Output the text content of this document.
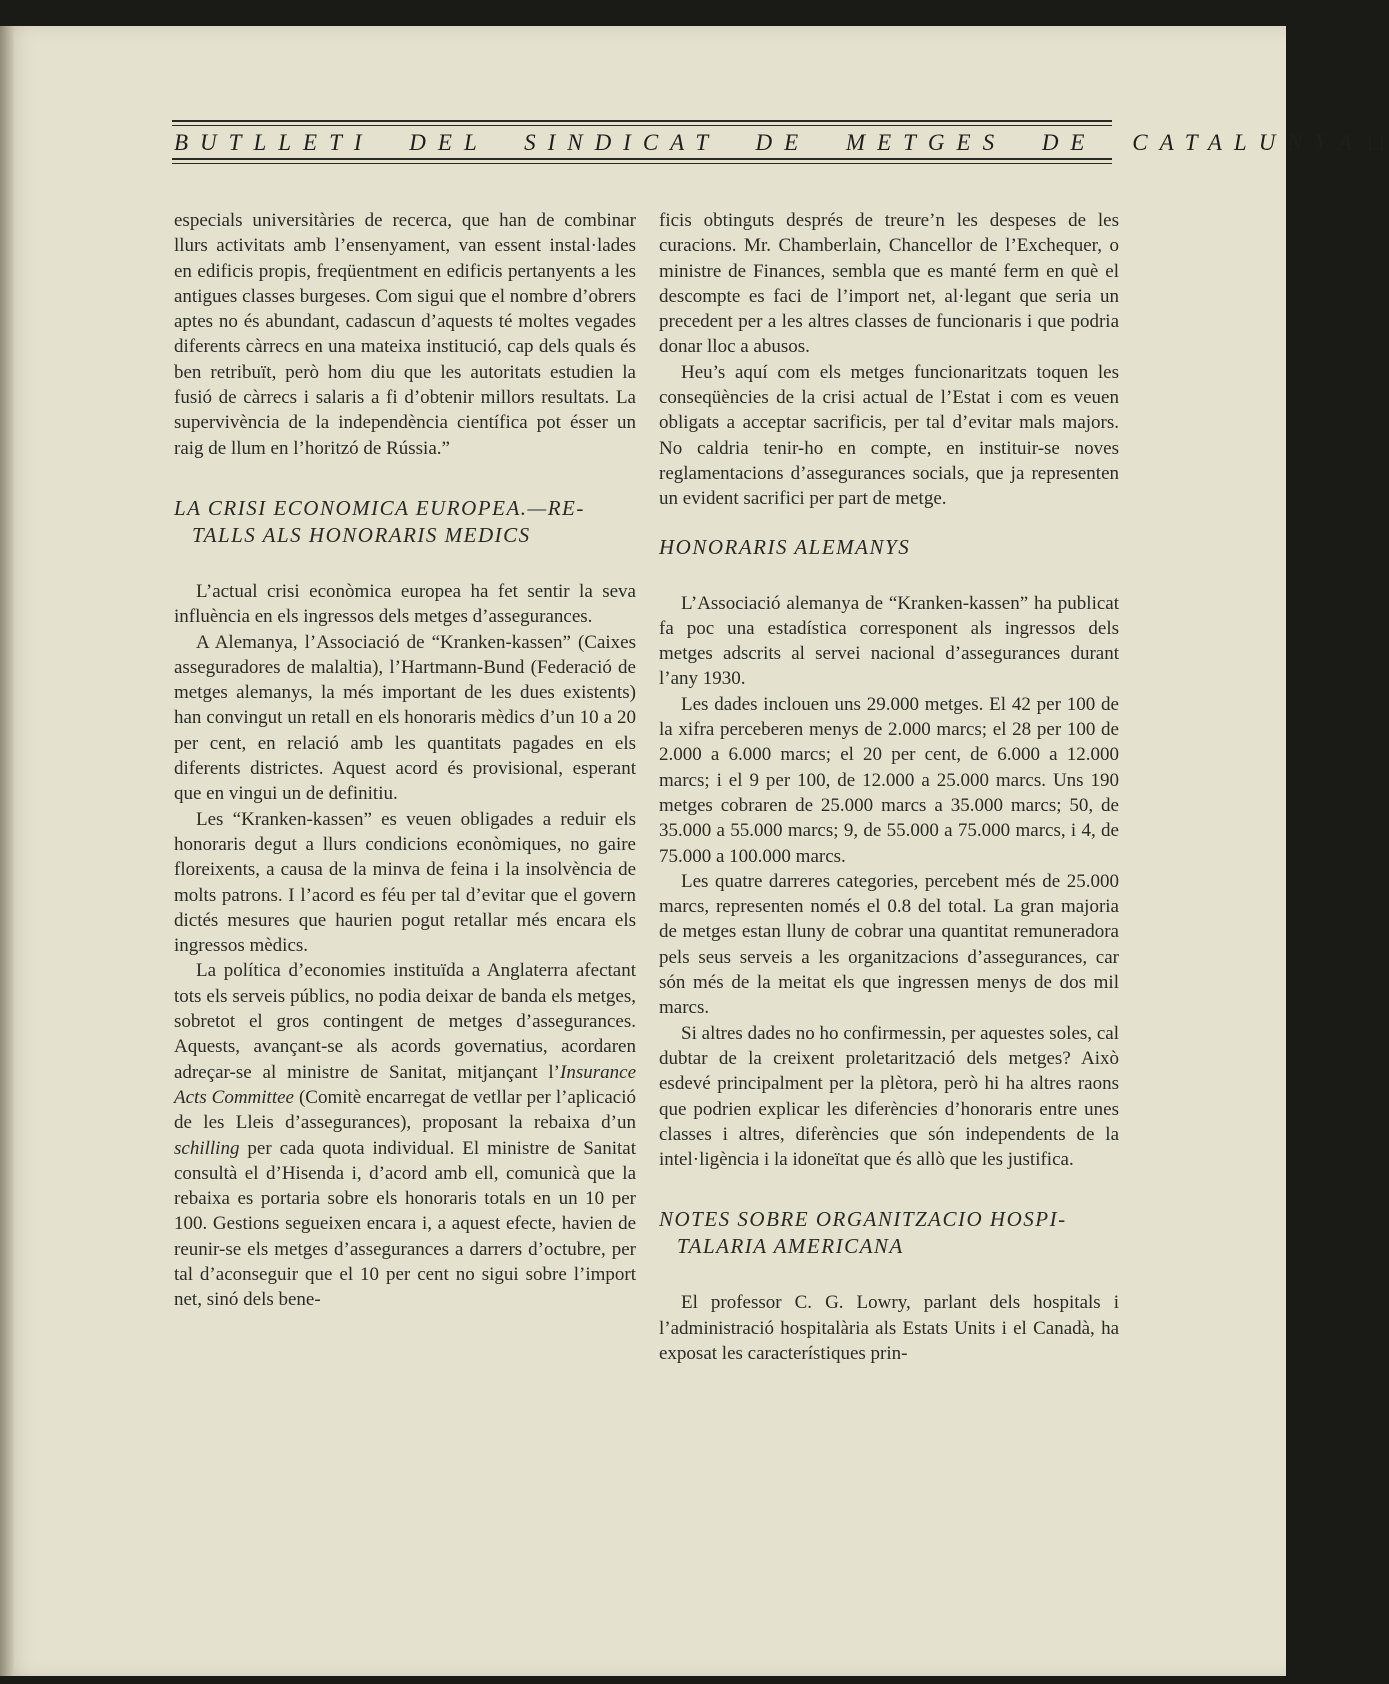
BUTLLETI DEL SINDICAT DE METGES DE CATALUNYA 11

especials universitàries de recerca, que han de combinar llurs activitats amb l’ensenyament, van essent instal·lades en edificis propis, freqüentment en edificis pertanyents a les antigues classes burgeses. Com sigui que el nombre d’obrers aptes no és abundant, cadascun d’aquests té moltes vegades diferents càrrecs en una mateixa institució, cap dels quals és ben retribuït, però hom diu que les autoritats estudien la fusió de càrrecs i salaris a fi d’obtenir millors resultats. La supervivència de la independència científica pot ésser un raig de llum en l’horitzó de Rússia.”

LA CRISI ECONOMICA EUROPEA.—RE-
TALLS ALS HONORARIS MEDICS

L’actual crisi econòmica europea ha fet sentir la seva influència en els ingressos dels metges d’assegurances.

A Alemanya, l’Associació de “Kranken-kassen” (Caixes asseguradores de malaltia), l’Hartmann-Bund (Federació de metges alemanys, la més important de les dues existents) han convingut un retall en els honoraris mèdics d’un 10 a 20 per cent, en relació amb les quantitats pagades en els diferents districtes. Aquest acord és provisional, esperant que en vingui un de definitiu.

Les “Kranken-kassen” es veuen obligades a reduir els honoraris degut a llurs condicions econòmiques, no gaire floreixents, a causa de la minva de feina i la insolvència de molts patrons. I l’acord es féu per tal d’evitar que el govern dictés mesures que haurien pogut retallar més encara els ingressos mèdics.

La política d’economies instituïda a Anglaterra afectant tots els serveis públics, no podia deixar de banda els metges, sobretot el gros contingent de metges d’assegurances. Aquests, avançant-se als acords governatius, acordaren adreçar-se al ministre de Sanitat, mitjançant l’Insurance Acts Committee (Comitè encarregat de vetllar per l’aplicació de les Lleis d’assegurances), proposant la rebaixa d’un schilling per cada quota individual. El ministre de Sanitat consultà el d’Hisenda i, d’acord amb ell, comunicà que la rebaixa es portaria sobre els honoraris totals en un 10 per 100. Gestions segueixen encara i, a aquest efecte, havien de reunir-se els metges d’assegurances a darrers d’octubre, per tal d’aconseguir que el 10 per cent no sigui sobre l’import net, sinó dels bene-

ficis obtinguts després de treure’n les despeses de les curacions. Mr. Chamberlain, Chancellor de l’Exchequer, o ministre de Finances, sembla que es manté ferm en què el descompte es faci de l’import net, al·legant que seria un precedent per a les altres classes de funcionaris i que podria donar lloc a abusos.

Heu’s aquí com els metges funcionaritzats toquen les conseqüències de la crisi actual de l’Estat i com es veuen obligats a acceptar sacrificis, per tal d’evitar mals majors. No caldria tenir-ho en compte, en instituir-se noves reglamentacions d’assegurances socials, que ja representen un evident sacrifici per part de metge.

HONORARIS ALEMANYS

L’Associació alemanya de “Kranken-kassen” ha publicat fa poc una estadística corresponent als ingressos dels metges adscrits al servei nacional d’assegurances durant l’any 1930.

Les dades inclouen uns 29.000 metges. El 42 per 100 de la xifra perceberen menys de 2.000 marcs; el 28 per 100 de 2.000 a 6.000 marcs; el 20 per cent, de 6.000 a 12.000 marcs; i el 9 per 100, de 12.000 a 25.000 marcs. Uns 190 metges cobraren de 25.000 marcs a 35.000 marcs; 50, de 35.000 a 55.000 marcs; 9, de 55.000 a 75.000 marcs, i 4, de 75.000 a 100.000 marcs.

Les quatre darreres categories, percebent més de 25.000 marcs, representen només el 0.8 del total. La gran majoria de metges estan lluny de cobrar una quantitat remuneradora pels seus serveis a les organitzacions d’assegurances, car són més de la meitat els que ingressen menys de dos mil marcs.

Si altres dades no ho confirmessin, per aquestes soles, cal dubtar de la creixent proletarització dels metges? Això esdevé principalment per la plètora, però hi ha altres raons que podrien explicar les diferències d’honoraris entre unes classes i altres, diferències que són independents de la intel·ligència i la idoneïtat que és allò que les justifica.

NOTES SOBRE ORGANITZACIO HOSPI-
TALARIA AMERICANA

El professor C. G. Lowry, parlant dels hospitals i l’administració hospitalària als Estats Units i el Canadà, ha exposat les característiques prin-
